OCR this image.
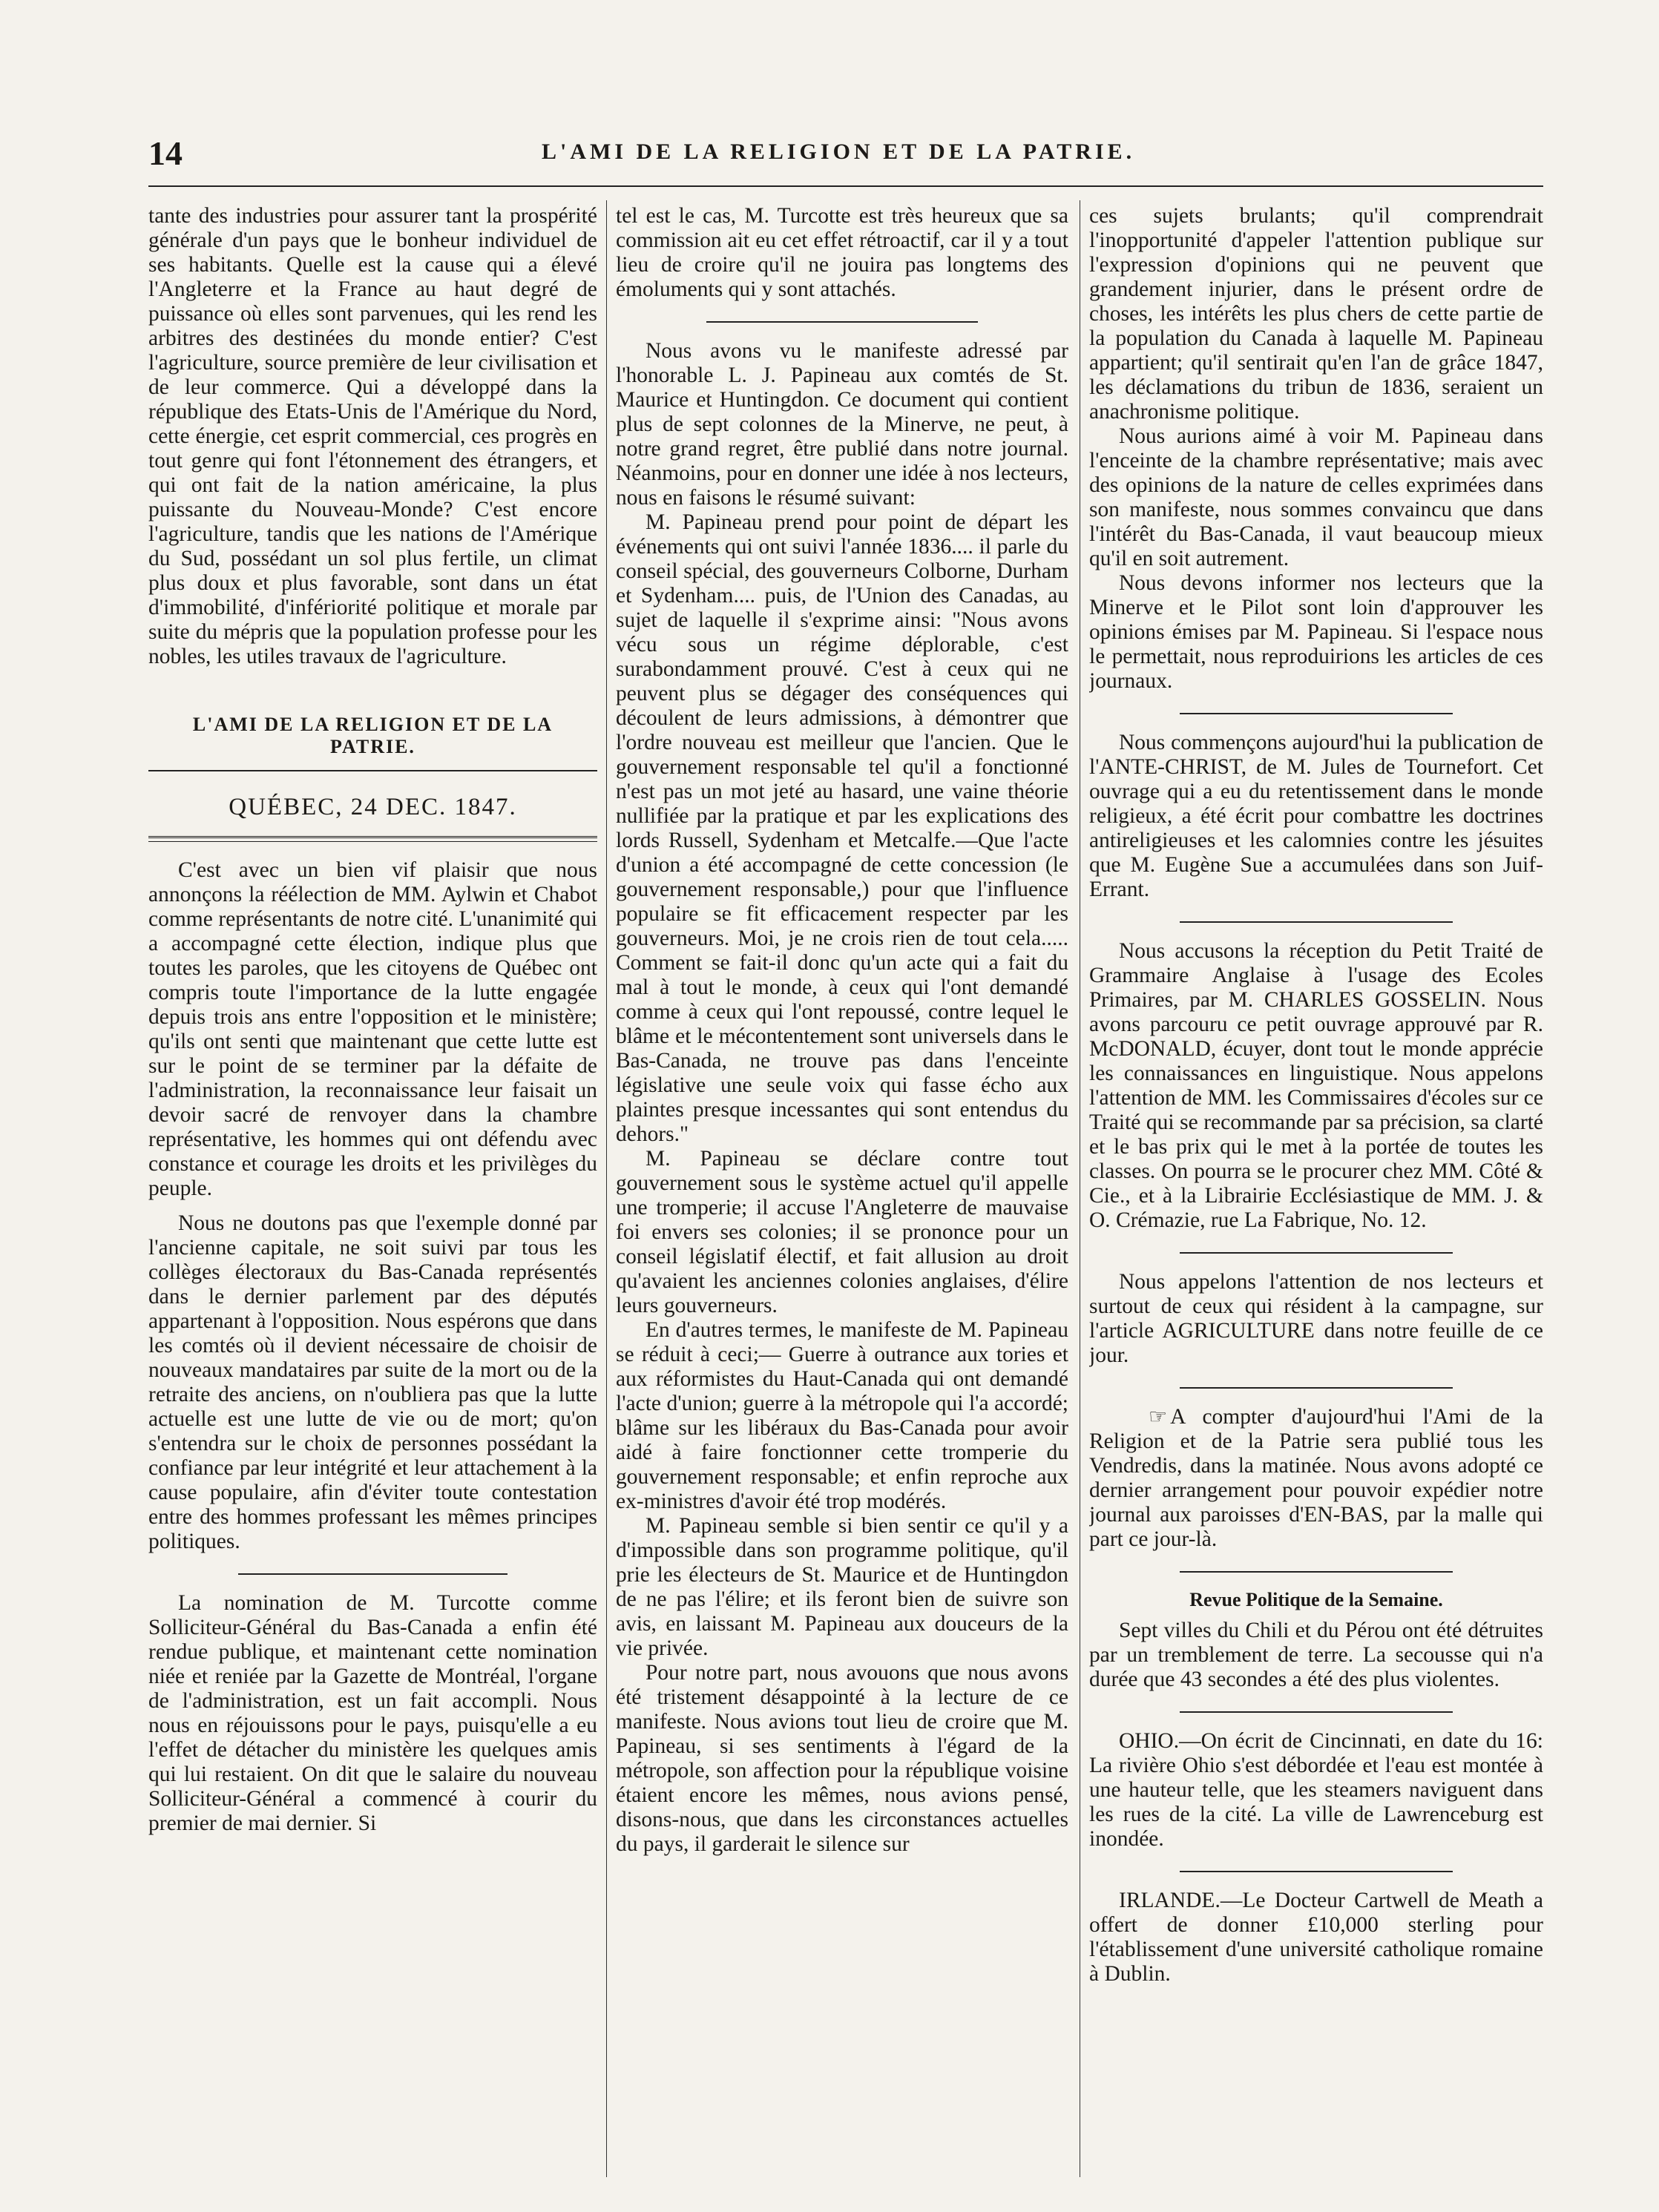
14	L'AMI DE LA RELIGION ET DE LA PATRIE.

tante des industries pour assurer tant la prospérité générale d'un pays que le bonheur individuel de ses habitants. Quelle est la cause qui a élevé l'Angleterre et la France au haut degré de puissance où elles sont parvenues, qui les rend les arbitres des destinées du monde entier? C'est l'agriculture, source première de leur civilisation et de leur commerce. Qui a développé dans la république des Etats-Unis de l'Amérique du Nord, cette énergie, cet esprit commercial, ces progrès en tout genre qui font l'étonnement des étrangers, et qui ont fait de la nation américaine, la plus puissante du Nouveau-Monde? C'est encore l'agriculture, tandis que les nations de l'Amérique du Sud, possédant un sol plus fertile, un climat plus doux et plus favorable, sont dans un état d'immobilité, d'infériorité politique et morale par suite du mépris que la population professe pour les nobles, les utiles travaux de l'agriculture.

L'AMI DE LA RELIGION ET DE LA PATRIE.
QUÉBEC, 24 DEC. 1847.

C'est avec un bien vif plaisir que nous annonçons la réélection de MM. Aylwin et Chabot comme représentants de notre cité. L'unanimité qui a accompagné cette élection, indique plus que toutes les paroles, que les citoyens de Québec ont compris toute l'importance de la lutte engagée depuis trois ans entre l'opposition et le ministère; qu'ils ont senti que maintenant que cette lutte est sur le point de se terminer par la défaite de l'administration, la reconnaissance leur faisait un devoir sacré de renvoyer dans la chambre représentative, les hommes qui ont défendu avec constance et courage les droits et les privilèges du peuple.

Nous ne doutons pas que l'exemple donné par l'ancienne capitale, ne soit suivi par tous les collèges électoraux du Bas-Canada représentés dans le dernier parlement par des députés appartenant à l'opposition. Nous espérons que dans les comtés où il devient nécessaire de choisir de nouveaux mandataires par suite de la mort ou de la retraite des anciens, on n'oubliera pas que la lutte actuelle est une lutte de vie ou de mort; qu'on s'entendra sur le choix de personnes possédant la confiance par leur intégrité et leur attachement à la cause populaire, afin d'éviter toute contestation entre des hommes professant les mêmes principes politiques.

La nomination de M. Turcotte comme Solliciteur-Général du Bas-Canada a enfin été rendue publique, et maintenant cette nomination niée et reniée par la Gazette de Montréal, l'organe de l'administration, est un fait accompli. Nous nous en réjouissons pour le pays, puisqu'elle a eu l'effet de détacher du ministère les quelques amis qui lui restaient. On dit que le salaire du nouveau Solliciteur-Général a commencé à courir du premier de mai dernier. Si

tel est le cas, M. Turcotte est très heureux que sa commission ait eu cet effet rétroactif, car il y a tout lieu de croire qu'il ne jouira pas longtems des émoluments qui y sont attachés.

Nous avons vu le manifeste adressé par l'honorable L. J. Papineau aux comtés de St. Maurice et Huntingdon. Ce document qui contient plus de sept colonnes de la Minerve, ne peut, à notre grand regret, être publié dans notre journal. Néanmoins, pour en donner une idée à nos lecteurs, nous en faisons le résumé suivant:

M. Papineau prend pour point de départ les événements qui ont suivi l'année 1836.... il parle du conseil spécial, des gouverneurs Colborne, Durham et Sydenham.... puis, de l'Union des Canadas, au sujet de laquelle il s'exprime ainsi: "Nous avons vécu sous un régime déplorable, c'est surabondamment prouvé. C'est à ceux qui ne peuvent plus se dégager des conséquences qui découlent de leurs admissions, à démontrer que l'ordre nouveau est meilleur que l'ancien. Que le gouvernement responsable tel qu'il a fonctionné n'est pas un mot jeté au hasard, une vaine théorie nullifiée par la pratique et par les explications des lords Russell, Sydenham et Metcalfe.—Que l'acte d'union a été accompagné de cette concession (le gouvernement responsable,) pour que l'influence populaire se fit efficacement respecter par les gouverneurs. Moi, je ne crois rien de tout cela..... Comment se fait-il donc qu'un acte qui a fait du mal à tout le monde, à ceux qui l'ont demandé comme à ceux qui l'ont repoussé, contre lequel le blâme et le mécontentement sont universels dans le Bas-Canada, ne trouve pas dans l'enceinte législative une seule voix qui fasse écho aux plaintes presque incessantes qui sont entendus du dehors."

M. Papineau se déclare contre tout gouvernement sous le système actuel qu'il appelle une tromperie; il accuse l'Angleterre de mauvaise foi envers ses colonies; il se prononce pour un conseil législatif électif, et fait allusion au droit qu'avaient les anciennes colonies anglaises, d'élire leurs gouverneurs.

En d'autres termes, le manifeste de M. Papineau se réduit à ceci;— Guerre à outrance aux tories et aux réformistes du Haut-Canada qui ont demandé l'acte d'union; guerre à la métropole qui l'a accordé; blâme sur les libéraux du Bas-Canada pour avoir aidé à faire fonctionner cette tromperie du gouvernement responsable; et enfin reproche aux ex-ministres d'avoir été trop modérés.

M. Papineau semble si bien sentir ce qu'il y a d'impossible dans son programme politique, qu'il prie les électeurs de St. Maurice et de Huntingdon de ne pas l'élire; et ils feront bien de suivre son avis, en laissant M. Papineau aux douceurs de la vie privée.

Pour notre part, nous avouons que nous avons été tristement désappointé à la lecture de ce manifeste. Nous avions tout lieu de croire que M. Papineau, si ses sentiments à l'égard de la métropole, son affection pour la république voisine étaient encore les mêmes, nous avions pensé, disons-nous, que dans les circonstances actuelles du pays, il garderait le silence sur

ces sujets brulants; qu'il comprendrait l'inopportunité d'appeler l'attention publique sur l'expression d'opinions qui ne peuvent que grandement injurier, dans le présent ordre de choses, les intérêts les plus chers de cette partie de la population du Canada à laquelle M. Papineau appartient; qu'il sentirait qu'en l'an de grâce 1847, les déclamations du tribun de 1836, seraient un anachronisme politique.

Nous aurions aimé à voir M. Papineau dans l'enceinte de la chambre représentative; mais avec des opinions de la nature de celles exprimées dans son manifeste, nous sommes convaincu que dans l'intérêt du Bas-Canada, il vaut beaucoup mieux qu'il en soit autrement.

Nous devons informer nos lecteurs que la Minerve et le Pilot sont loin d'approuver les opinions émises par M. Papineau. Si l'espace nous le permettait, nous reproduirions les articles de ces journaux.

Nous commençons aujourd'hui la publication de l'ANTE-CHRIST, de M. Jules de Tournefort. Cet ouvrage qui a eu du retentissement dans le monde religieux, a été écrit pour combattre les doctrines antireligieuses et les calomnies contre les jésuites que M. Eugène Sue a accumulées dans son Juif-Errant.

Nous accusons la réception du Petit Traité de Grammaire Anglaise à l'usage des Ecoles Primaires, par M. CHARLES GOSSELIN. Nous avons parcouru ce petit ouvrage approuvé par R. McDONALD, écuyer, dont tout le monde apprécie les connaissances en linguistique. Nous appelons l'attention de MM. les Commissaires d'écoles sur ce Traité qui se recommande par sa précision, sa clarté et le bas prix qui le met à la portée de toutes les classes. On pourra se le procurer chez MM. Côté & Cie., et à la Librairie Ecclésiastique de MM. J. & O. Crémazie, rue La Fabrique, No. 12.

Nous appelons l'attention de nos lecteurs et surtout de ceux qui résident à la campagne, sur l'article AGRICULTURE dans notre feuille de ce jour.

☞ A compter d'aujourd'hui l'Ami de la Religion et de la Patrie sera publié tous les Vendredis, dans la matinée. Nous avons adopté ce dernier arrangement pour pouvoir expédier notre journal aux paroisses d'EN-BAS, par la malle qui part ce jour-là.

Revue Politique de la Semaine.

Sept villes du Chili et du Pérou ont été détruites par un tremblement de terre. La secousse qui n'a durée que 43 secondes a été des plus violentes.

OHIO.—On écrit de Cincinnati, en date du 16: La rivière Ohio s'est débordée et l'eau est montée à une hauteur telle, que les steamers naviguent dans les rues de la cité. La ville de Lawrenceburg est inondée.

IRLANDE.—Le Docteur Cartwell de Meath a offert de donner £10,000 sterling pour l'établissement d'une université catholique romaine à Dublin.
